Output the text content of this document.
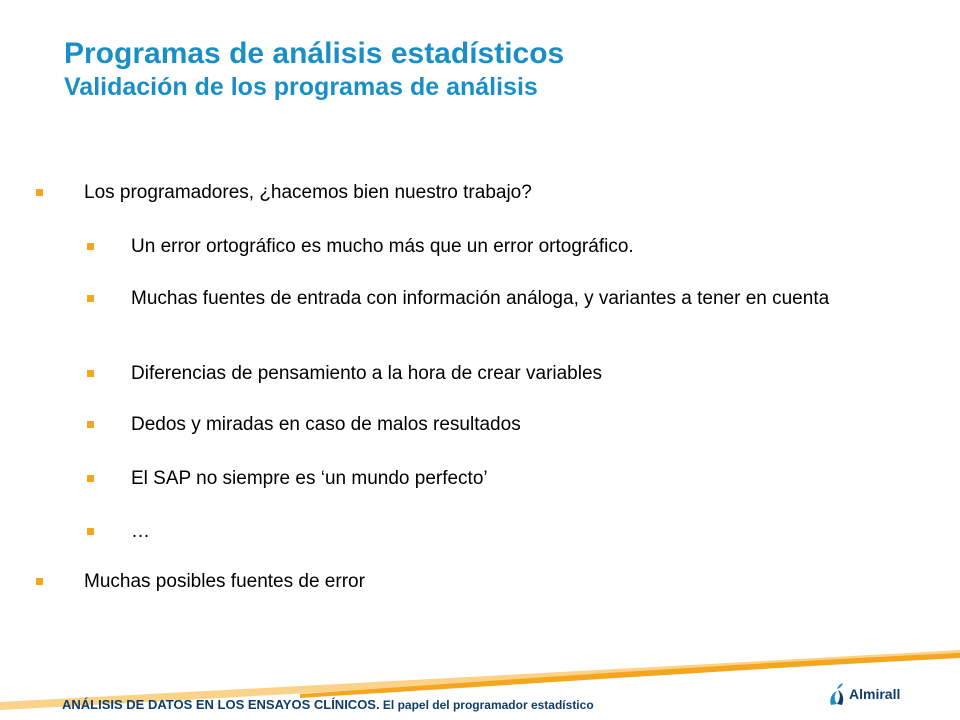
Programas de análisis estadísticos

Validación de los programas de análisis

Los programadores, ¿hacemos bien nuestro trabajo?
Un error ortográfico es mucho más que un error ortográfico.
Muchas fuentes de entrada con información análoga, y variantes a tener en cuenta
Diferencias de pensamiento a la hora de crear variables
Dedos y miradas en caso de malos resultados
El SAP no siempre es ‘un mundo perfecto’
…
Muchas posibles fuentes de error
ANÁLISIS DE DATOS EN LOS ENSAYOS CLÍNICOS. El papel del programador estadístico
Almirall
